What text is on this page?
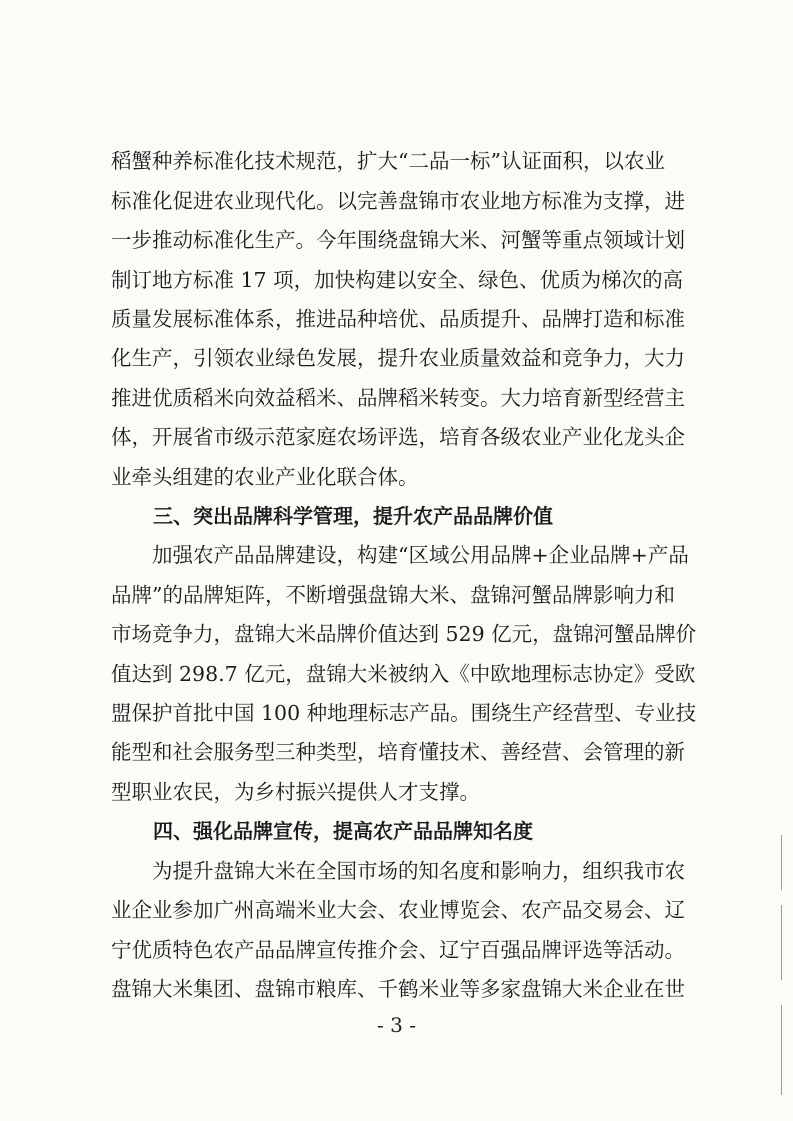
稻蟹种养标准化技术规范，扩大“二品一标”认证面积，以农业
标准化促进农业现代化。以完善盘锦市农业地方标准为支撑，进
一步推动标准化生产。今年围绕盘锦大米、河蟹等重点领域计划
制订地方标准 17 项，加快构建以安全、绿色、优质为梯次的高
质量发展标准体系，推进品种培优、品质提升、品牌打造和标准
化生产，引领农业绿色发展，提升农业质量效益和竞争力，大力
推进优质稻米向效益稻米、品牌稻米转变。大力培育新型经营主
体，开展省市级示范家庭农场评选，培育各级农业产业化龙头企
业牵头组建的农业产业化联合体。
三、突出品牌科学管理，提升农产品品牌价值
加强农产品品牌建设，构建“区域公用品牌+企业品牌+产品
品牌”的品牌矩阵，不断增强盘锦大米、盘锦河蟹品牌影响力和
市场竞争力，盘锦大米品牌价值达到 529 亿元，盘锦河蟹品牌价
值达到 298.7 亿元，盘锦大米被纳入《中欧地理标志协定》受欧
盟保护首批中国 100 种地理标志产品。围绕生产经营型、专业技
能型和社会服务型三种类型，培育懂技术、善经营、会管理的新
型职业农民，为乡村振兴提供人才支撑。
四、强化品牌宣传，提高农产品品牌知名度
为提升盘锦大米在全国市场的知名度和影响力，组织我市农
业企业参加广州高端米业大会、农业博览会、农产品交易会、辽
宁优质特色农产品品牌宣传推介会、辽宁百强品牌评选等活动。
盘锦大米集团、盘锦市粮库、千鹤米业等多家盘锦大米企业在世
- 3 -
